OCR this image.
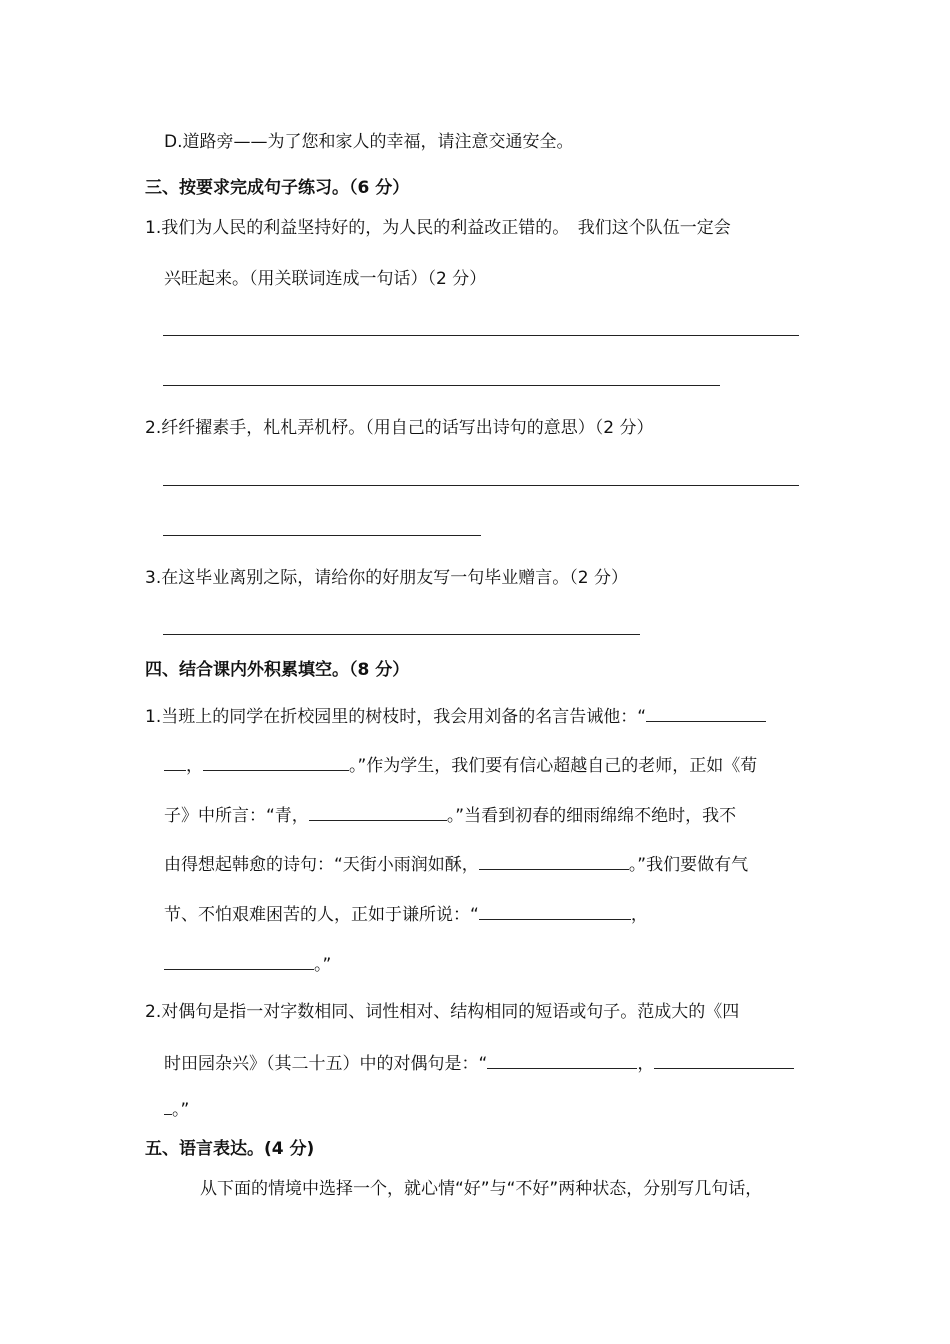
D.道路旁——为了您和家人的幸福，请注意交通安全。
三、按要求完成句子练习。（6 分）
1.我们为人民的利益坚持好的，为人民的利益改正错的。　我们这个队伍一定会
兴旺起来。（用关联词连成一句话）（2 分）
2.纤纤擢素手，札札弄机杼。（用自己的话写出诗句的意思）（2 分）
3.在这毕业离别之际，请给你的好朋友写一句毕业赠言。（2 分）
四、结合课内外积累填空。（8 分）
1.当班上的同学在折校园里的树枝时，我会用刘备的名言告诫他：“
，	。”作为学生，我们要有信心超越自己的老师，正如《荀
子》中所言：“青，	。”当看到初春的细雨绵绵不绝时，我不
由得想起韩愈的诗句：“天街小雨润如酥，	。”我们要做有气
节、不怕艰难困苦的人，正如于谦所说：“	，
。”
2.对偶句是指一对字数相同、词性相对、结构相同的短语或句子。范成大的《四
时田园杂兴》（其二十五）中的对偶句是：“	，
。”
五、语言表达。(4 分)
从下面的情境中选择一个，就心情“好”与“不好”两种状态，分别写几句话，
